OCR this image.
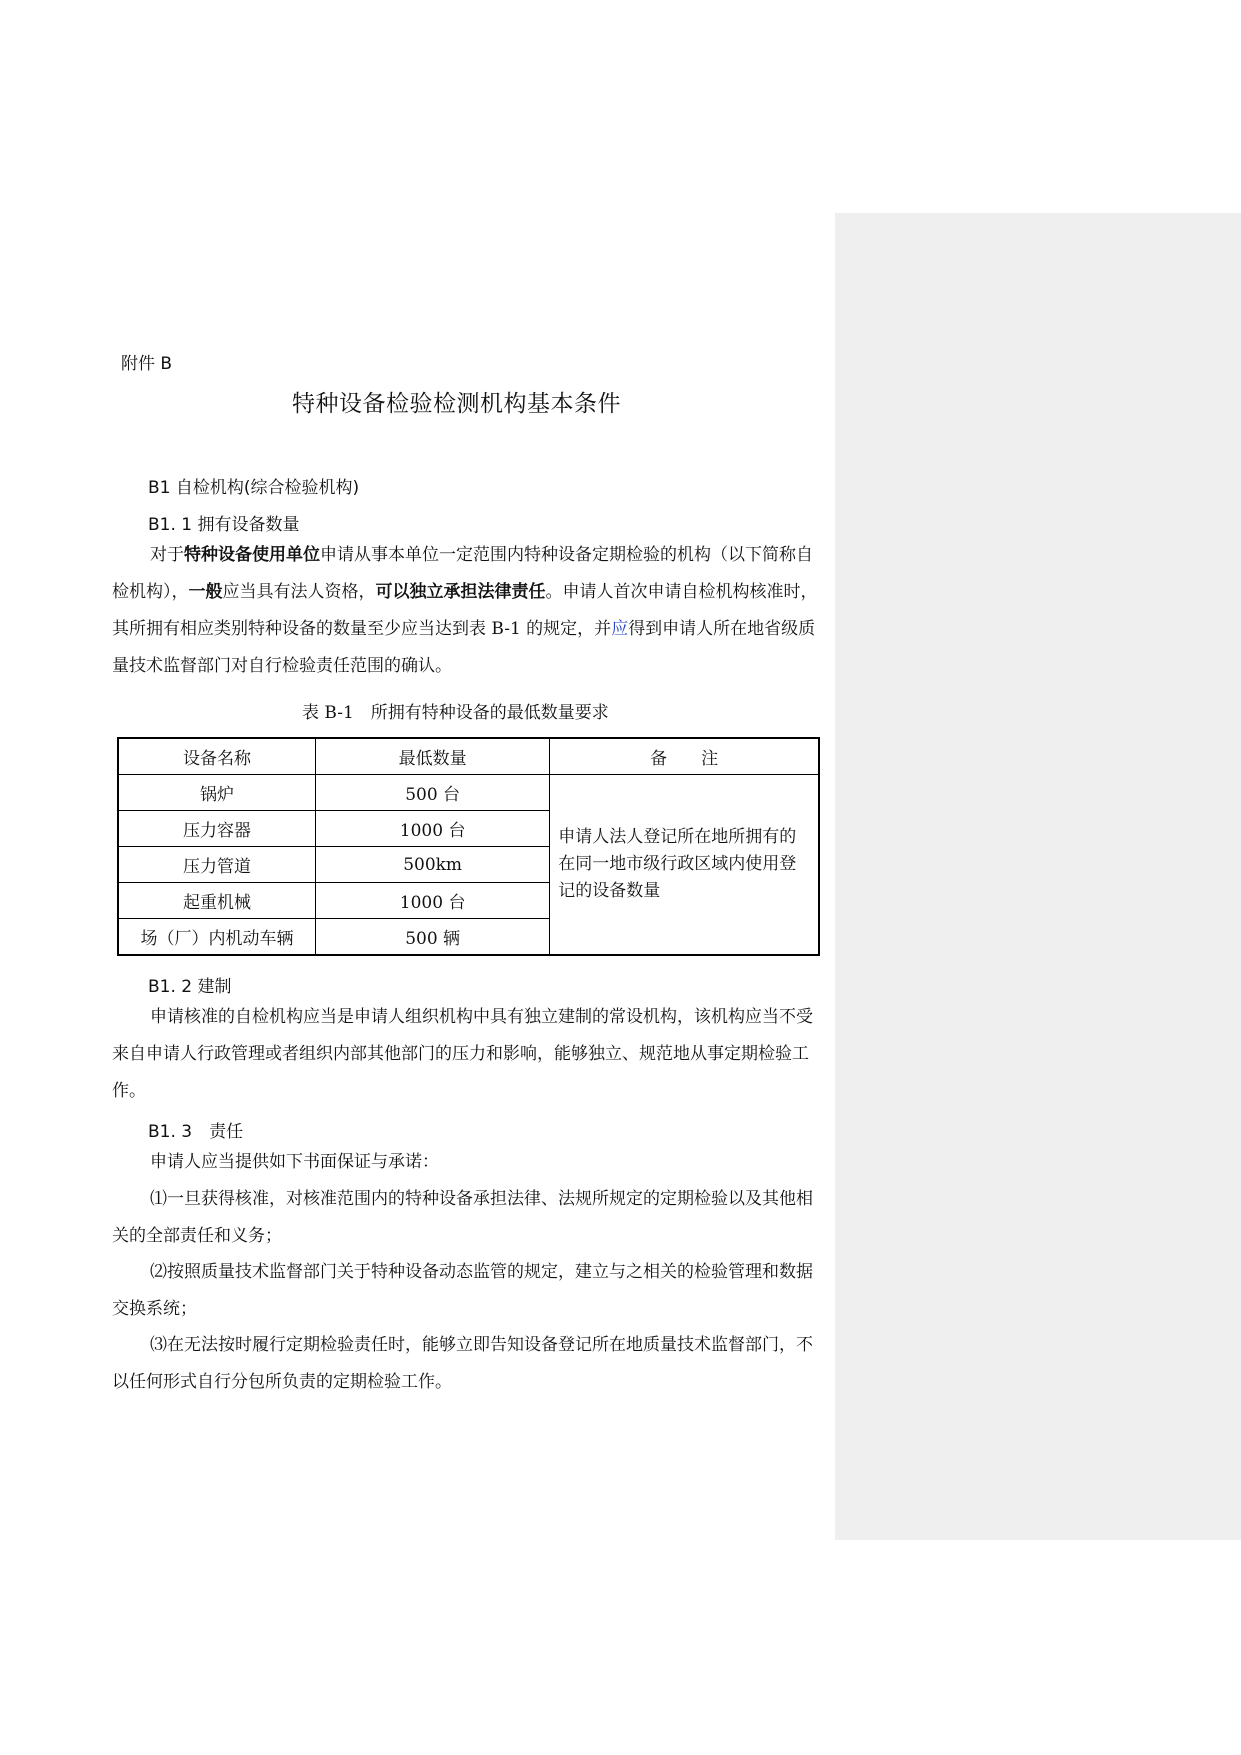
附件 B
特种设备检验检测机构基本条件
B1 自检机构(综合检验机构)
B1. 1 拥有设备数量

对于特种设备使用单位申请从事本单位一定范围内特种设备定期检验的机构（以下简称自检机构），一般应当具有法人资格，可以独立承担法律责任。申请人首次申请自检机构核准时，其所拥有相应类别特种设备的数量至少应当达到表 B-1 的规定，并应得到申请人所在地省级质量技术监督部门对自行检验责任范围的确认。

表 B-1　所拥有特种设备的最低数量要求
设备名称	最低数量	备　　注
锅炉	500 台	申请人法人登记所在地所拥有的在同一地市级行政区域内使用登记的设备数量
压力容器	1000 台	
压力管道	500km	
起重机械	1000 台	
场（厂）内机动车辆	500 辆	
B1. 2 建制

申请核准的自检机构应当是申请人组织机构中具有独立建制的常设机构，该机构应当不受来自申请人行政管理或者组织内部其他部门的压力和影响，能够独立、规范地从事定期检验工作。

B1. 3　责任

申请人应当提供如下书面保证与承诺：

⑴一旦获得核准，对核准范围内的特种设备承担法律、法规所规定的定期检验以及其他相关的全部责任和义务；

⑵按照质量技术监督部门关于特种设备动态监管的规定，建立与之相关的检验管理和数据交换系统；

⑶在无法按时履行定期检验责任时，能够立即告知设备登记所在地质量技术监督部门，不以任何形式自行分包所负责的定期检验工作。
